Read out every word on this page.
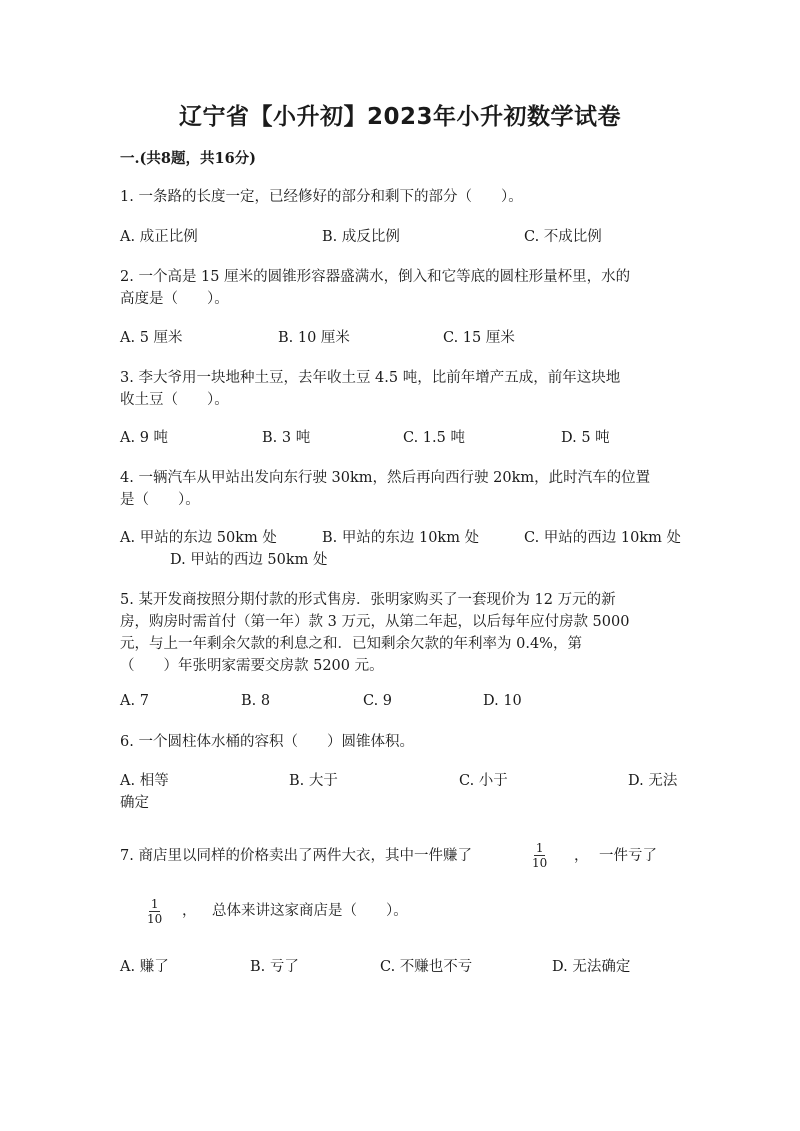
辽宁省【小升初】2023年小升初数学试卷
一.(共8题，共16分)
1. 一条路的长度一定，已经修好的部分和剩下的部分（　　）。
A. 成正比例	B. 成反比例	C. 不成比例
2. 一个高是 15 厘米的圆锥形容器盛满水，倒入和它等底的圆柱形量杯里，水的
高度是（　　）。
A. 5 厘米	B. 10 厘米	C. 15 厘米
3. 李大爷用一块地种土豆，去年收土豆 4.5 吨，比前年增产五成，前年这块地
收土豆（　　）。
A. 9 吨	B. 3 吨	C. 1.5 吨	D. 5 吨
4. 一辆汽车从甲站出发向东行驶 30km，然后再向西行驶 20km，此时汽车的位置
是（　　）。
A. 甲站的东边 50km 处	B. 甲站的东边 10km 处	C. 甲站的西边 10km 处
D. 甲站的西边 50km 处
5. 某开发商按照分期付款的形式售房．张明家购买了一套现价为 12 万元的新
房，购房时需首付（第一年）款 3 万元，从第二年起，以后每年应付房款 5000
元，与上一年剩余欠款的利息之和．已知剩余欠款的年利率为 0.4%，第
（　　）年张明家需要交房款 5200 元。
A. 7	B. 8	C. 9	D. 10
6. 一个圆柱体水桶的容积（　　）圆锥体积。
A. 相等	B. 大于	C. 小于	D. 无法
确定
7. 商店里以同样的价格卖出了两件大衣，其中一件赚了	$\frac{1}{10}$ ， 一件亏了
$\frac{1}{10}$ ， 总体来讲这家商店是（　　）。
A. 赚了	B. 亏了	C. 不赚也不亏	D. 无法确定
